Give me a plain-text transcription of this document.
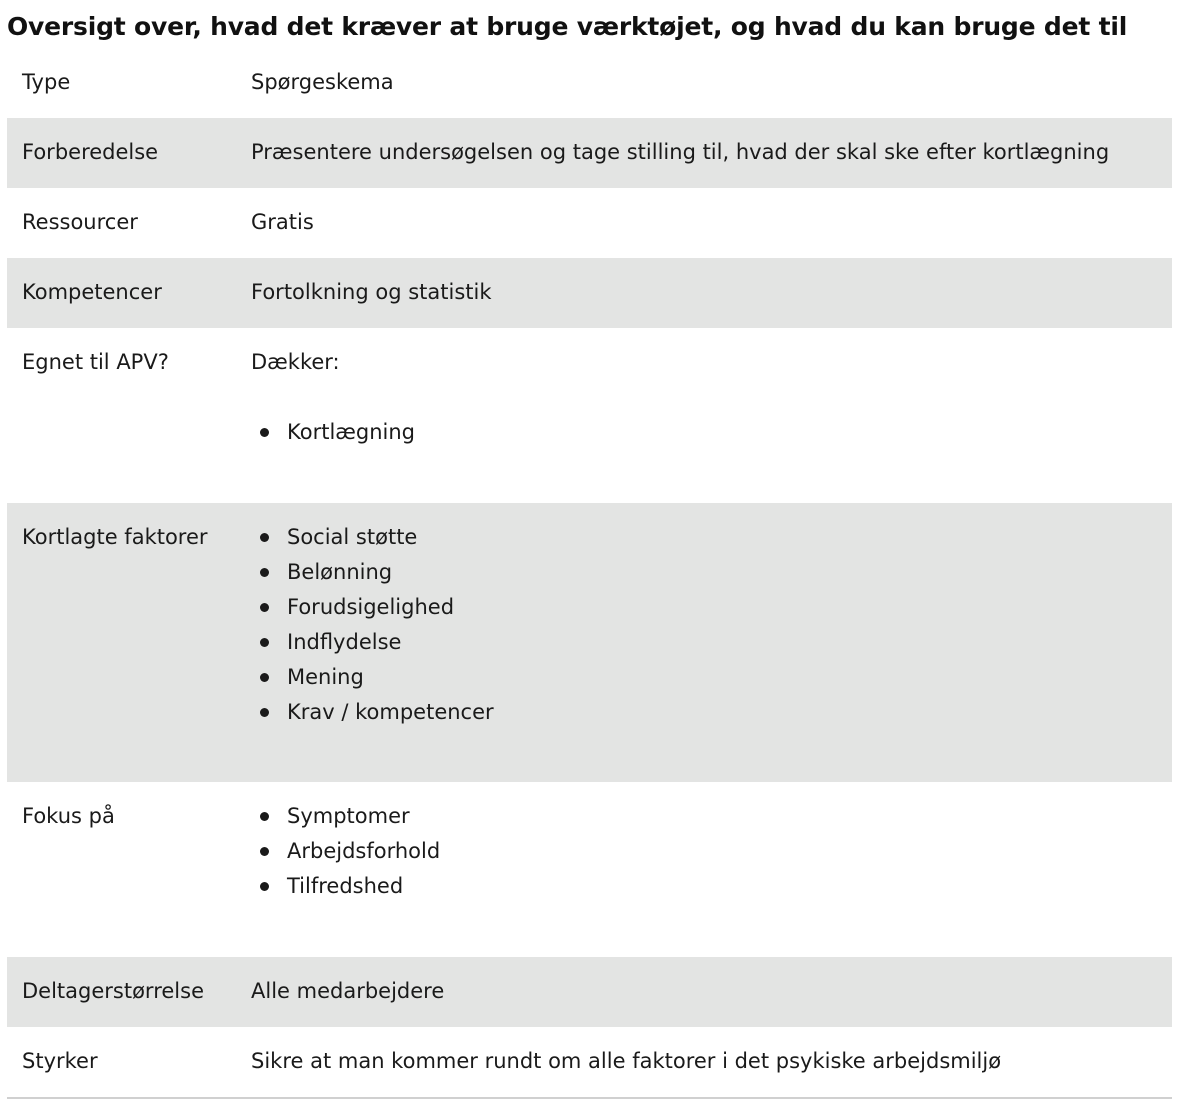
Oversigt over, hvad det kræver at bruge værktøjet, og hvad du kan bruge det til
Type	Spørgeskema
Forberedelse	Præsentere undersøgelsen og tage stilling til, hvad der skal ske efter kortlægning
Ressourcer	Gratis
Kompetencer	Fortolkning og statistik
Egnet til APV?	Dækker:
Kortlægning
Kortlagte faktorer	Social støtte
Belønning
Forudsigelighed
Indflydelse
Mening
Krav / kompetencer
Fokus på	Symptomer
Arbejdsforhold
Tilfredshed
Deltagerstørrelse	Alle medarbejdere
Styrker	Sikre at man kommer rundt om alle faktorer i det psykiske arbejdsmiljø
